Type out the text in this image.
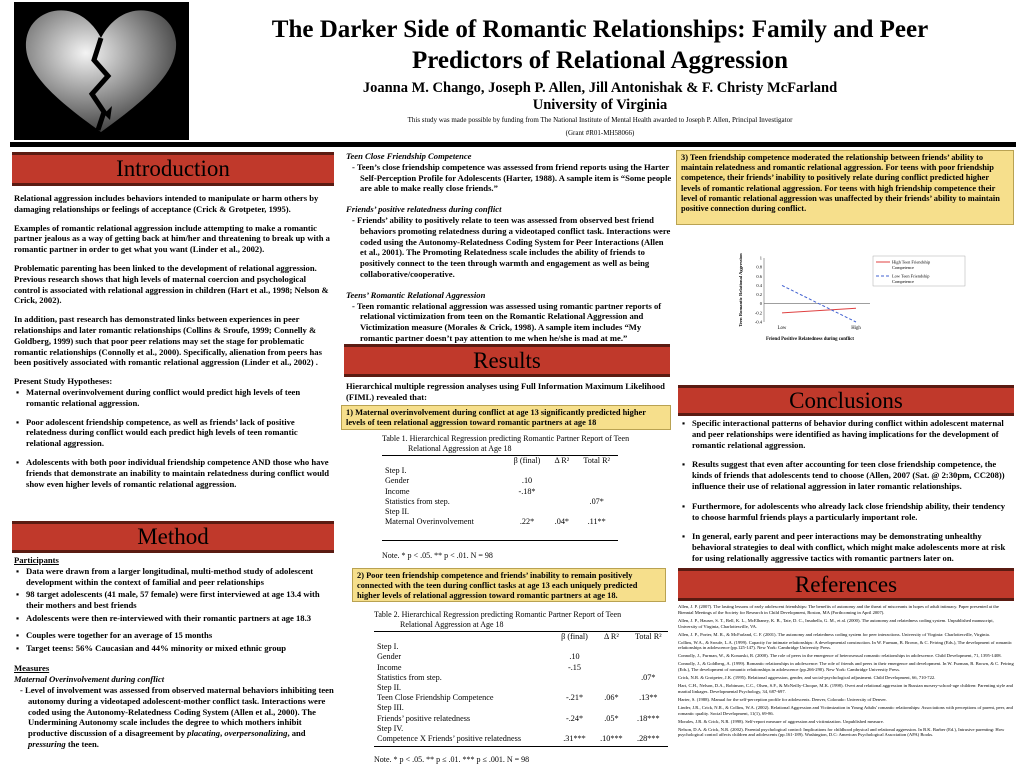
The Darker Side of Romantic Relationships: Family and Peer
Predictors of Relational Aggression
Joanna M. Chango, Joseph P. Allen, Jill Antonishak & F. Christy McFarland
University of Virginia
This study was made possible by funding from The National Institute of Mental Health awarded to Joseph P. Allen, Principal Investigator
(Grant #R01-MH58066)
Introduction

Relational aggression includes behaviors intended to manipulate or harm others by damaging relationships or feelings of acceptance (Crick & Grotpeter, 1995).

Examples of romantic relational aggression include attempting to make a romantic partner jealous as a way of getting back at him/her and threatening to break up with a romantic partner in order to get what you want (Linder et al., 2002).

Problematic parenting has been linked to the development of relational aggression. Previous research shows that high levels of maternal coercion and psychological control is associated with relational aggression in children (Hart et al., 1998; Nelson & Crick, 2002).

In addition, past research has demonstrated links between experiences in peer relationships and later romantic relationships (Collins & Sroufe, 1999; Connelly & Goldberg, 1999) such that poor peer relations may set the stage for problematic romantic relationships (Connolly et al., 2000). Specifically, alienation from peers has been positively associated with romantic relational aggression (Linder et al., 2002) .

Present Study Hypotheses:
▪ Maternal overinvolvement during conflict would predict high levels of teen romantic relational aggression.
▪ Poor adolescent friendship competence, as well as friends’ lack of positive relatedness during conflict would each predict high levels of teen romantic relational aggression.
▪ Adolescents with both poor individual friendship competence AND those who have friends that demonstrate an inability to maintain relatedness during conflict would show even higher levels of romantic relational aggression.
Method
Participants
▪ Data were drawn from a larger longitudinal, multi-method study of adolescent development within the context of familial and peer relationships
▪ 98 target adolescents (41 male, 57 female) were first interviewed at age 13.4 with their mothers and best friends
▪ Adolescents were then re-interviewed with their romantic partners at age 18.3
▪ Couples were together for an average of 15 months
▪ Target teens: 56% Caucasian and 44% minority or mixed ethnic group
Measures
Maternal Overinvolvement during conflict
- Level of involvement was assessed from observed maternal behaviors inhibiting teen autonomy during a videotaped adolescent-mother conflict task. Interactions were coded using the Autonomy-Relatedness Coding System (Allen et al., 2000). The Undermining Autonomy scale includes the degree to which mothers inhibit productive discussion of a disagreement by placating, overpersonalizing, and pressuring the teen.
Teen Close Friendship Competence
- Teen’s close friendship competence was assessed from friend reports using the Harter Self-Perception Profile for Adolescents (Harter, 1988). A sample item is “Some people are able to make really close friends.”
Friends’ positive relatedness during conflict
- Friends’ ability to positively relate to teen was assessed from observed best friend behaviors promoting relatedness during a videotaped conflict task. Interactions were coded using the Autonomy-Relatedness Coding System for Peer Interactions (Allen et al., 2001). The Promoting Relatedness scale includes the ability of friends to positively connect to the teen through warmth and engagement as well as being collaborative/cooperative.
Teens’ Romantic Relational Aggression
- Teen romantic relational aggression was assessed using romantic partner reports of relational victimization from teen on the Romantic Relational Aggression and Victimization measure (Morales & Crick, 1998). A sample item includes “My romantic partner doesn’t pay attention to me when he/she is mad at me.”
Results
Hierarchical multiple regression analyses using Full Information Maximum Likelihood (FIML) revealed that:
1) Maternal overinvolvement during conflict at age 13 significantly predicted higher levels of teen relational aggression toward romantic partners at age 18
Table 1. Hierarchical Regression predicting Romantic Partner Report of Teen
Relational Aggression at Age 18
	β (final)	Δ R²	Total R²
Step I.			
Gender	.10		
Income	-.18*		
Statistics from step.			.07*
Step II.			
Maternal Overinvolvement	.22*	.04*	.11**
Note. * p < .05. ** p < .01. N = 98
2) Poor teen friendship competence and friends’ inability to remain positively connected with the teen during conflict tasks at age 13 each uniquely predicted higher levels of relational aggression toward romantic partners at age 18.
Table 2. Hierarchical Regression predicting Romantic Partner Report of Teen
Relational Aggression at Age 18
	β (final)	Δ R²	Total R²
Step I.			
Gender	.10		
Income	-.15		
Statistics from step.			.07*
Step II.			
Teen Close Friendship Competence	-.21*	.06*	.13**
Step III.			
Friends’ positive relatedness	-.24*	.05*	.18***
Step IV.			
Competence X Friends’ positive relatedness	.31***	.10***	.28***
Note. * p < .05. ** p ≤ .01. *** p ≤ .001. N = 98
3) Teen friendship competence moderated the relationship between friends’ ability to maintain relatedness and romantic relational aggression. For teens with poor friendship competence, their friends’ inability to positively relate during conflict predicted higher levels of romantic relational aggression. For teens with high friendship competence their level of romantic relational aggression was unaffected by their friends’ ability to maintain positive connection during conflict.
1
0.8
0.6
0.4
0.2
0
-0.2
-0.4
Low	High
High Teen Friendship
Competence
Low Teen Friendship
Competence
Friend Positive Relatedness during conflict
Teen Romantic Relational Aggression
Conclusions
▪ Specific interactional patterns of behavior during conflict within adolescent maternal and peer relationships were identified as having implications for the development of romantic relational aggression.
▪ Results suggest that even after accounting for teen close friendship competence, the kinds of friends that adolescents tend to choose (Allen, 2007 (Sat. @ 2:30pm, CC208)) influence their use of relational aggression in later romantic relationships.
▪ Furthermore, for adolescents who already lack close friendship ability, their tendency to choose harmful friends plays a particularly important role.
▪ In general, early parent and peer interactions may be demonstrating unhealthy behavioral strategies to deal with conflict, which might make adolescents more at risk for using relationally aggressive tactics with romantic partners later on.
References

Allen, J. P. (2007). The lasting lessons of early adolescent friendships: The benefits of autonomy and the threat of miscreants in hopes of adult intimacy. Paper presented at the Biennial Meetings of the Society for Research in Child Development, Boston, MA (Forthcoming in April 2007).

Allen, J. P., Hauser, S. T., Bell, K. L., McElhaney, K. B., Tate, D. C., Insabella, G. M., et al. (2000). The autonomy and relatedness coding system. Unpublished manuscript, University of Virginia, Charlottesville, VA.

Allen, J. P., Porter, M. R., & McFarland, C. F. (2001). The autonomy and relatedness coding system for peer interactions. University of Virginia: Charlottesville, Virginia.

Collins, W.A., & Sroufe, L.A. (1999). Capacity for intimate relationships: A developmental construction. In W. Furman, B. Brown, & C. Feiring (Eds.), The development of romantic relationships in adolescence (pp.125-147). New York: Cambridge University Press.

Connolly, J., Furman, W., & Konarski, R. (2000). The role of peers in the emergence of heterosexual romantic relationships in adolescence. Child Development, 71, 1395-1408.

Connolly, J., & Goldberg, A. (1999). Romantic relationships in adolescence: The role of friends and peers in their emergence and development. In W. Furman, B. Brown, & C. Feiring (Eds.), The development of romantic relationships in adolescence (pp.266-290). New York: Cambridge University Press.

Crick, N.R. & Grotpeter, J.K. (1995). Relational aggression, gender, and social-psychological adjustment. Child Development, 66, 710-722.

Hart, C.H., Nelson, D.A., Robinson, C.C., Olsen, S.F., & McNeilly-Choque, M.K. (1998). Overt and relational aggression in Russian nursery-school-age children: Parenting style and marital linkages. Developmental Psychology, 34, 687-697.

Harter, S. (1988). Manual for the self-perception profile for adolescents. Denver, Colorado: University of Denver.

Linder, J.R., Crick, N.R., & Collins, W.A. (2002). Relational Aggression and Victimization in Young Adults' romantic relationships: Associations with perceptions of parent, peer, and romantic quality. Social Development, 11(1), 69-86.

Morales, J.R. & Crick, N.R. (1998). Self-report measure of aggression and victimization. Unpublished measure.

Nelson, D.A. & Crick, N.R. (2002). Parental psychological control: Implications for childhood physical and relational aggression. In B.K. Barber (Ed.), Intrusive parenting: How psychological control affects children and adolescents (pp.161-189). Washington, D.C: American Psychological Association (APA) Books.
